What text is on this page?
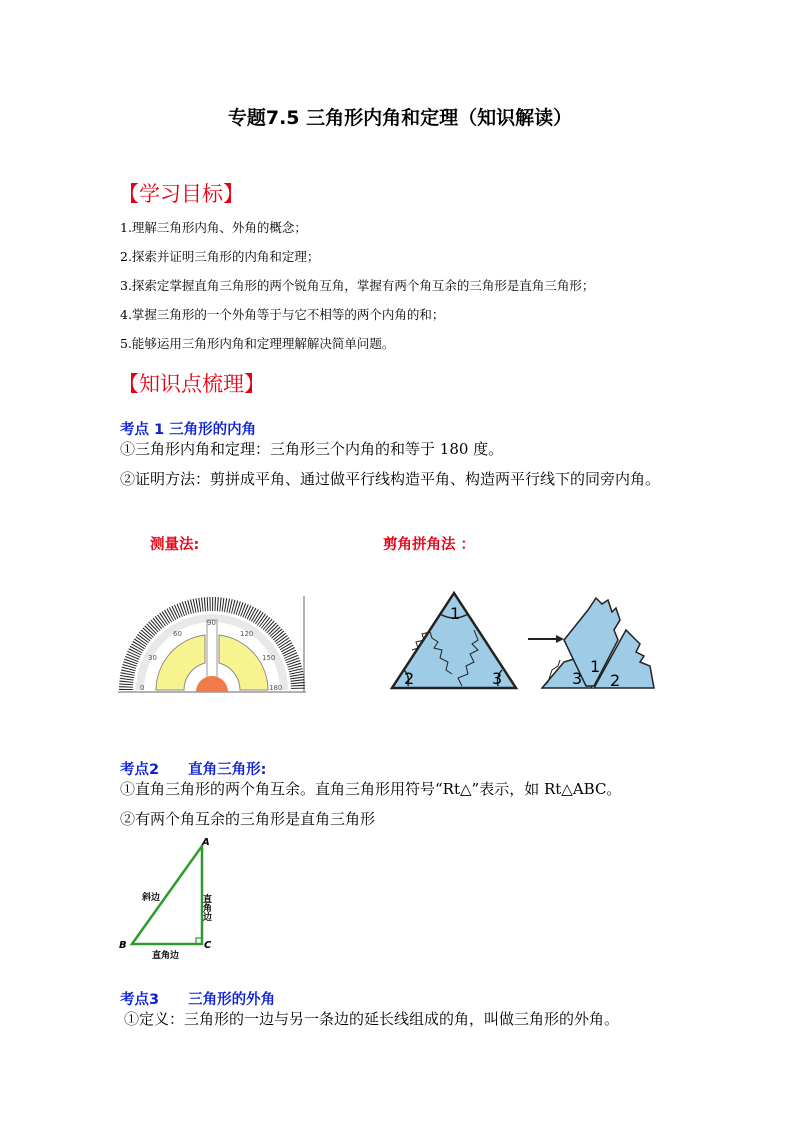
专题7.5 三角形内角和定理（知识解读）
【学习目标】
1.理解三角形内角、外角的概念；
2.探索并证明三角形的内角和定理；
3.探索定掌握直角三角形的两个锐角互角，掌握有两个角互余的三角形是直角三角形；
4.掌握三角形的一个外角等于与它不相等的两个内角的和；
5.能够运用三角形内角和定理理解解决简单问题。
【知识点梳理】
考点 1 三角形的内角
①三角形内角和定理：三角形三个内角的和等于 180 度。
②证明方法：剪拼成平角、通过做平行线构造平角、构造两平行线下的同旁内角。
测量法:	剪角拼角法 ：
0
30
60
90
120
150
180
1
2	3	3
1
2
考点2　　直角三角形:
①直角三角形的两个角互余。直角三角形用符号“Rt△”表示，如 Rt△ABC。
②有两个角互余的三角形是直角三角形
A
B	C
斜边	直角边
直角边
考点3　　三角形的外角
①定义：三角形的一边与另一条边的延长线组成的角，叫做三角形的外角。
